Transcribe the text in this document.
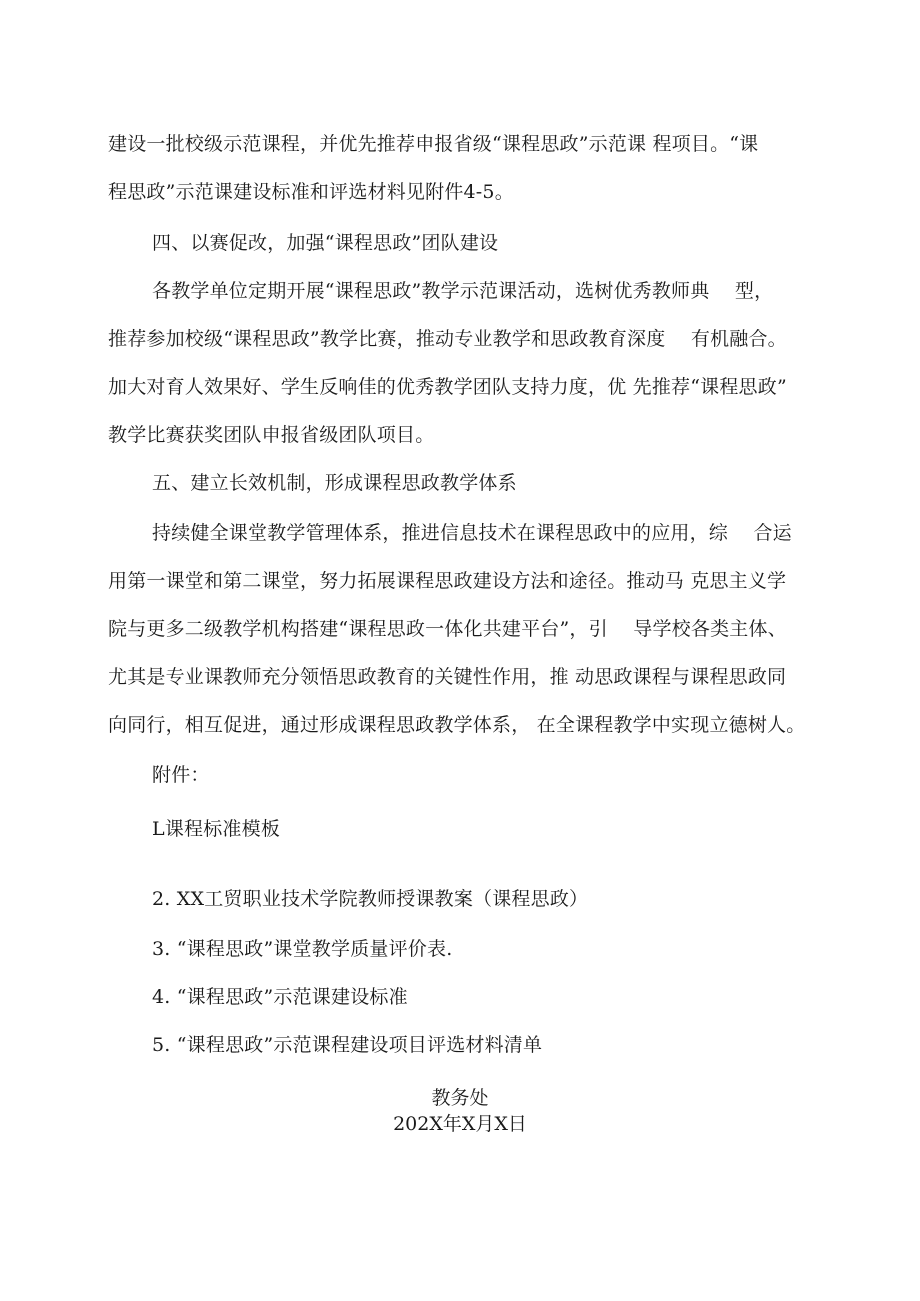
建设一批校级示范课程，并优先推荐申报省级“课程思政”示范课 程项目。“课
程思政”示范课建设标准和评选材料见附件4-5。
四、以赛促改，加强“课程思政”团队建设
各教学单位定期开展“课程思政”教学示范课活动，选树优秀教师典　 型，
推荐参加校级“课程思政”教学比赛，推动专业教学和思政教育深度　 有机融合。
加大对育人效果好、学生反响佳的优秀教学团队支持力度，优 先推荐“课程思政”
教学比赛获奖团队申报省级团队项目。
五、建立长效机制，形成课程思政教学体系
持续健全课堂教学管理体系，推进信息技术在课程思政中的应用，综　 合运
用第一课堂和第二课堂，努力拓展课程思政建设方法和途径。推动马 克思主义学
院与更多二级教学机构搭建“课程思政一体化共建平台”，引　 导学校各类主体、
尤其是专业课教师充分领悟思政教育的关键性作用，推 动思政课程与课程思政同
向同行，相互促进，通过形成课程思政教学体系， 在全课程教学中实现立德树人。
附件：
L课程标准模板
2. XX工贸职业技术学院教师授课教案（课程思政）
3. “课程思政”课堂教学质量评价表.
4. “课程思政”示范课建设标准
5. “课程思政”示范课程建设项目评选材料清单
教务处
202X年X月X日
